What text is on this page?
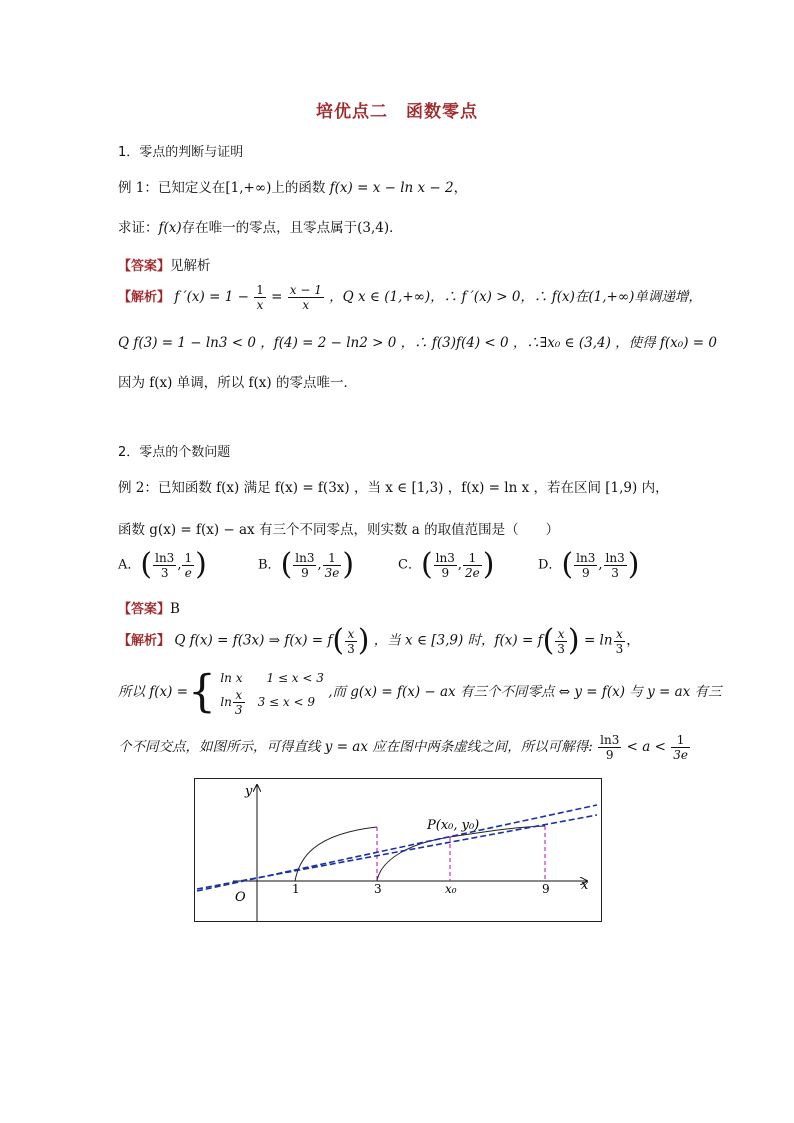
培优点二　函数零点
1．零点的判断与证明
例 1：已知定义在[1,+∞)上的函数 f(x) = x − ln x − 2，
求证：f(x)存在唯一的零点，且零点属于(3,4)．
【答案】见解析
【解析】 f $'(x) = 1 - \frac{1}{x} = \frac{x - 1}{x}$ ，Q x ∈ (1,+∞)，∴ f ′(x) > 0，∴ f(x)在(1,+∞)单调递增，
Q f(3) = 1 − ln3 < 0 ，f(4) = 2 − ln2 > 0 ，∴ f(3)f(4) < 0 ，∴∃x₀ ∈ (3,4) ，使得 f(x₀) = 0
因为 f(x) 单调，所以 f(x) 的零点唯一．
2．零点的个数问题
例 2：已知函数 f(x) 满足 f(x) = f(3x) ，当 x ∈ [1,3) ，f(x) = ln x ，若在区间 [1,9) 内，
函数 g(x) = f(x) − ax 有三个不同零点，则实数 a 的取值范围是（　　）
A．( $\frac{\ln 3}{3}$ , $\frac{1}{e}$ )	B．( $\frac{\ln 3}{9}$ , $\frac{1}{3e}$ )	C．( $\frac{\ln 3}{9}$ , $\frac{1}{2e}$ )	D．( $\frac{\ln 3}{9}$ , $\frac{\ln 3}{3}$ )
【答案】B
【解析】 Q f(x) = f(3x) ⇒ $f(x) = f( \frac{x}{3}$ ) ，当 x ∈ [3,9) 时，$f(x) = f( \frac{x}{3}$ ) = $\ln \frac{x}{3}$ ，
所以 f(x) ={ ln x　　1 ≤ x < 3
$\ln \frac{x}{3}$ 　3 ≤ x < 9
,而 g(x) = f(x) − ax 有三个不同零点 ⇔ y = f(x) 与 y = ax 有三
个不同交点，如图所示，可得直线 y = ax 应在图中两条虚线之间，所以可解得: $\frac{\ln 3}{9} < a < \frac{1}{3e}$
y
x
O
1	3	x₀	9
P(x₀, y₀)
